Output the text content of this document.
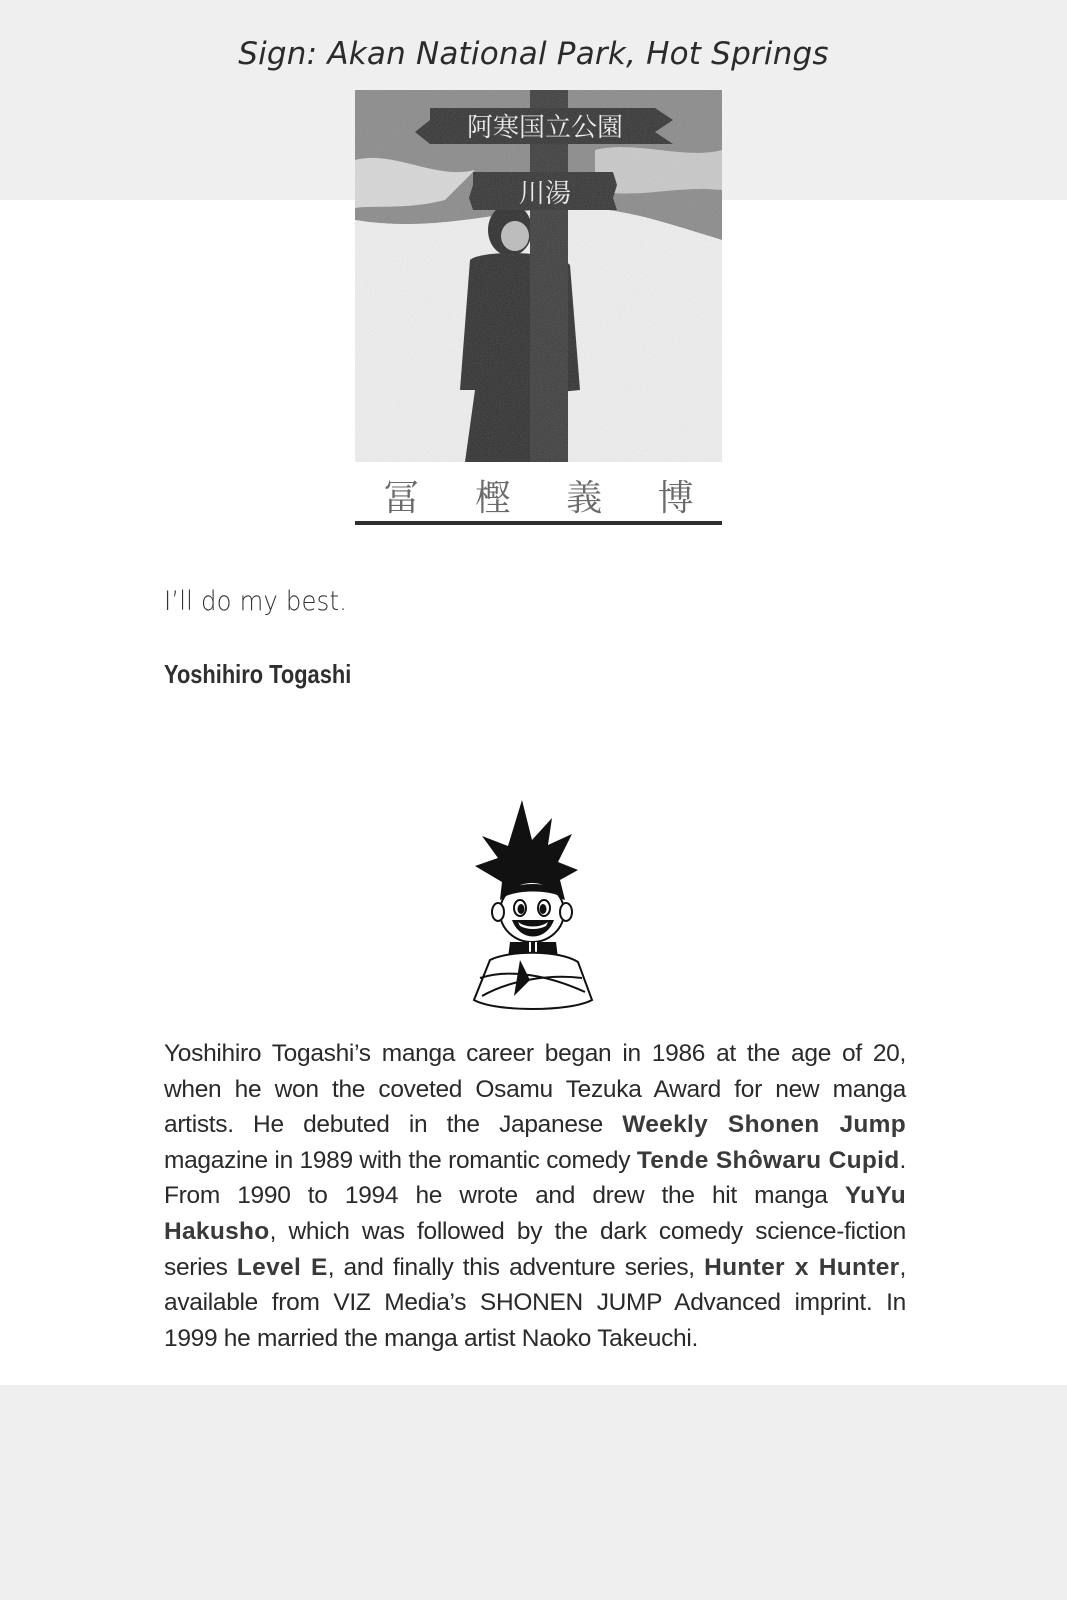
Sign: Akan National Park, Hot Springs
冨 樫 義 博
I’ll do my best.
Yoshihiro Togashi
Yoshihiro Togashi’s manga career began in 1986 at the age of 20, when he won the coveted Osamu Tezuka Award for new manga artists. He debuted in the Japanese Weekly Shonen Jump magazine in 1989 with the romantic comedy Tende Shôwaru Cupid. From 1990 to 1994 he wrote and drew the hit manga YuYu Hakusho, which was followed by the dark comedy science-fiction series Level E, and finally this adventure series, Hunter x Hunter, available from VIZ Media’s SHONEN JUMP Advanced imprint. In 1999 he married the manga artist Naoko Takeuchi.
